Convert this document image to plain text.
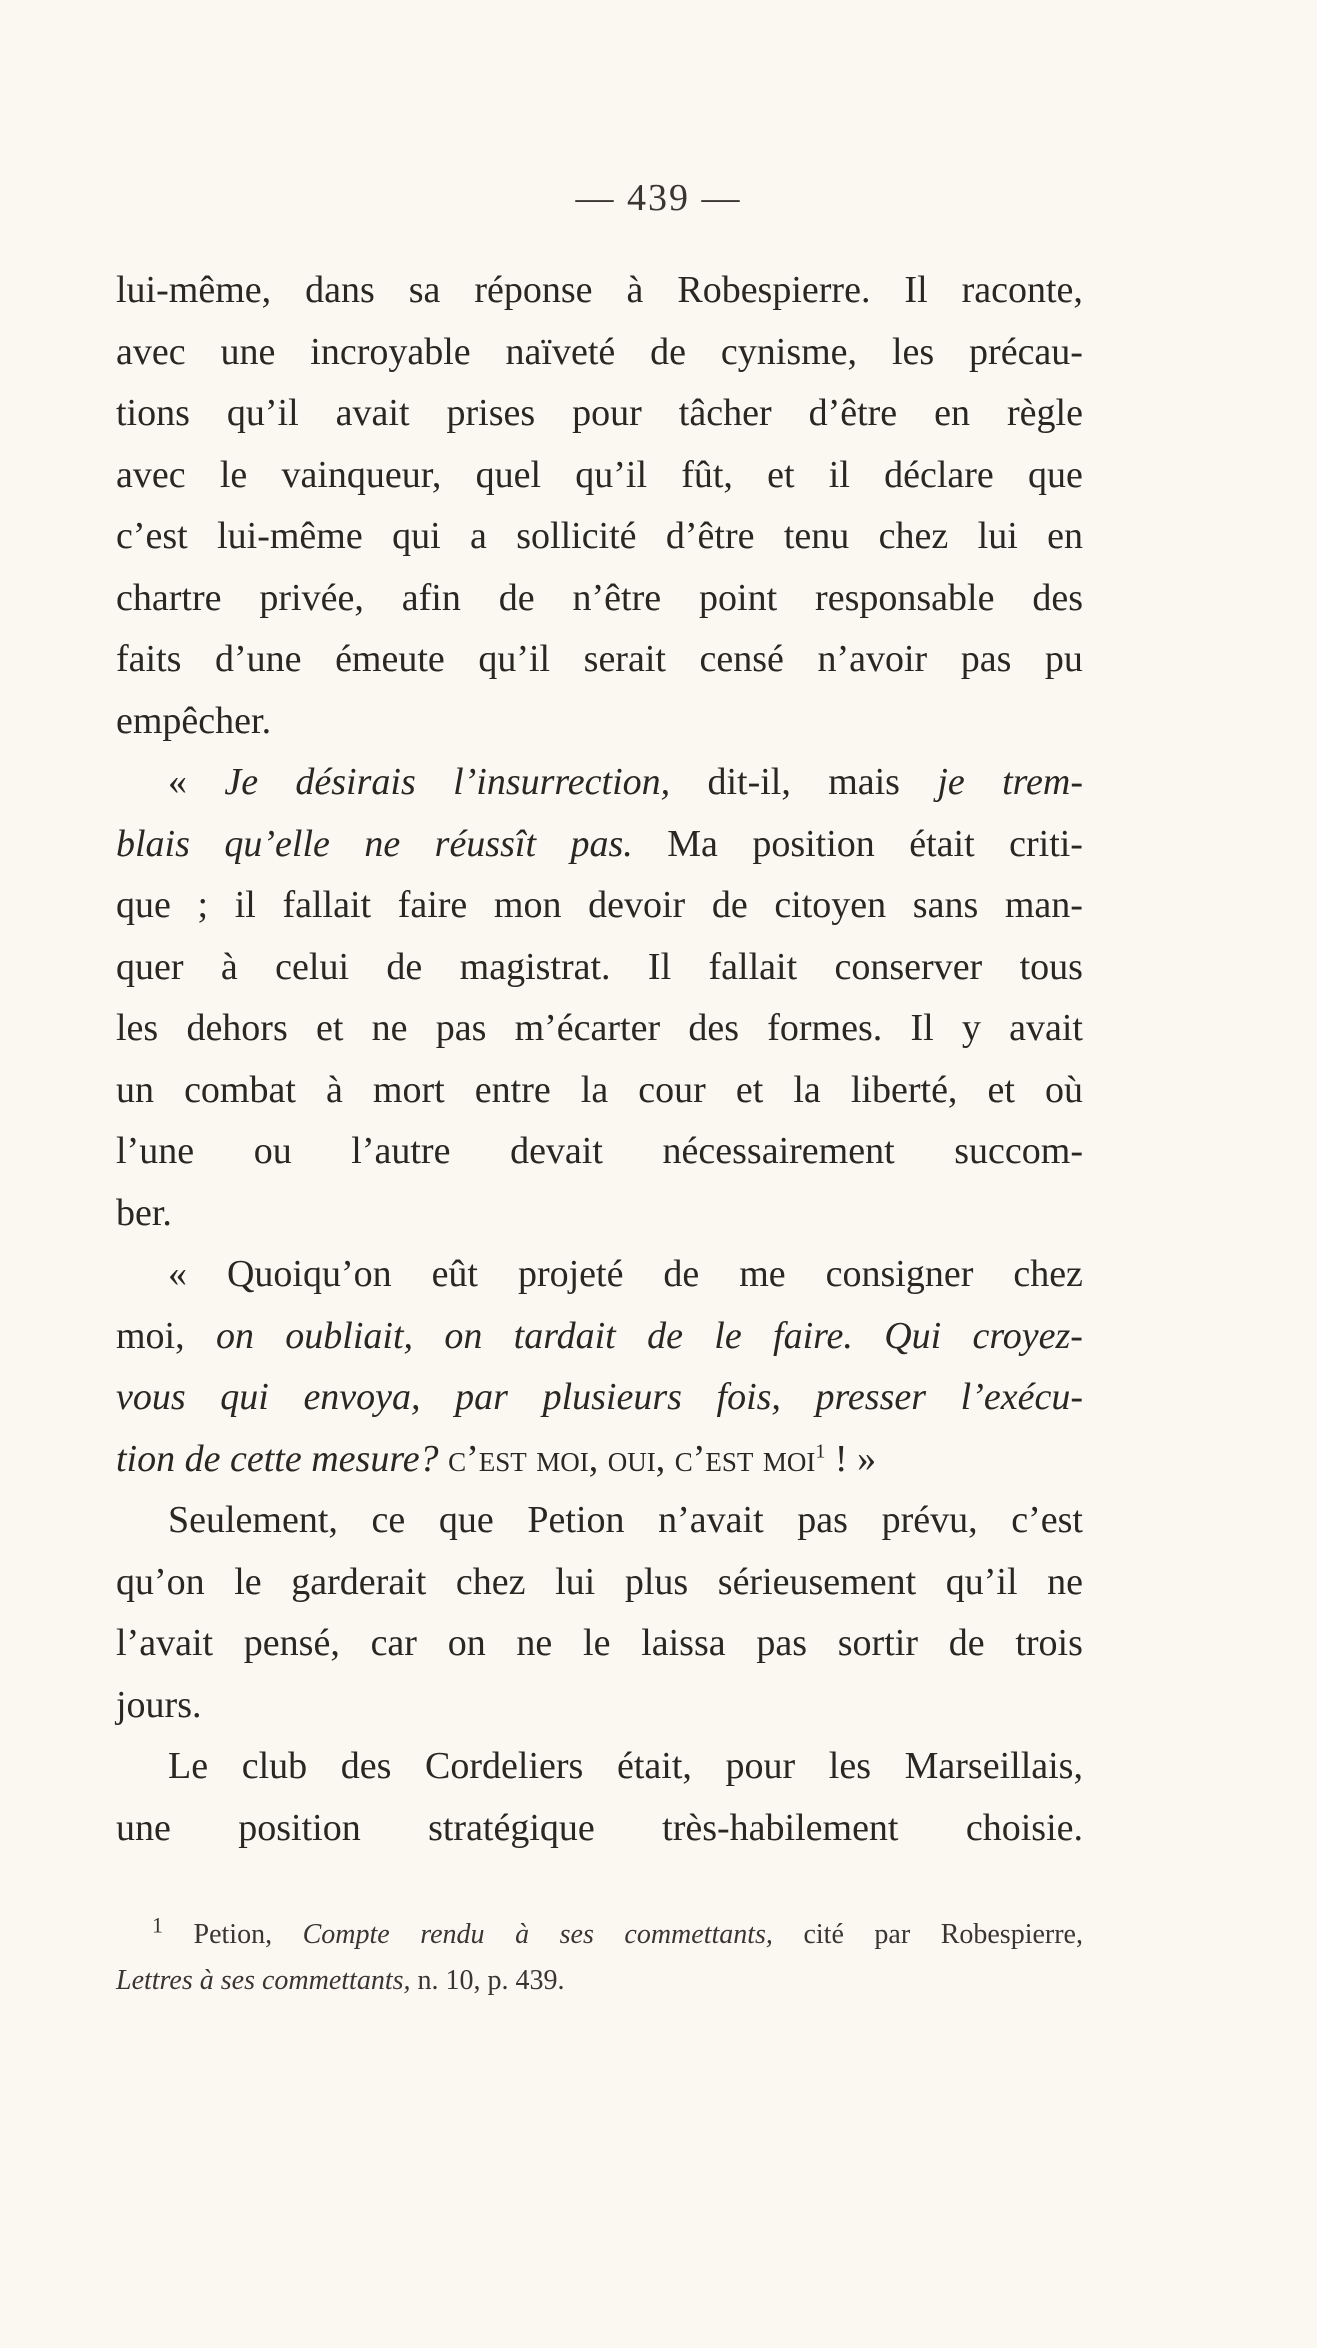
— 439 —
lui-même, dans sa réponse à Robespierre. Il raconte,
avec une incroyable naïveté de cynisme, les précau-
tions qu’il avait prises pour tâcher d’être en règle
avec le vainqueur, quel qu’il fût, et il déclare que
c’est lui-même qui a sollicité d’être tenu chez lui en
chartre privée, afin de n’être point responsable des
faits d’une émeute qu’il serait censé n’avoir pas pu
empêcher.
« Je désirais l’insurrection, dit-il, mais je trem-
blais qu’elle ne réussît pas. Ma position était criti-
que ; il fallait faire mon devoir de citoyen sans man-
quer à celui de magistrat. Il fallait conserver tous
les dehors et ne pas m’écarter des formes. Il y avait
un combat à mort entre la cour et la liberté, et où
l’une ou l’autre devait nécessairement succom-
ber.
« Quoiqu’on eût projeté de me consigner chez
moi, on oubliait, on tardait de le faire. Qui croyez-
vous qui envoya, par plusieurs fois, presser l’exécu-
tion de cette mesure? c’est moi, oui, c’est moi$^1$ ! »
Seulement, ce que Petion n’avait pas prévu, c’est
qu’on le garderait chez lui plus sérieusement qu’il ne
l’avait pensé, car on ne le laissa pas sortir de trois
jours.
Le club des Cordeliers était, pour les Marseillais,
une position stratégique très-habilement choisie.
$^1$ Petion, Compte rendu à ses commettants, cité par Robespierre,
Lettres à ses commettants, n. 10, p. 439.
